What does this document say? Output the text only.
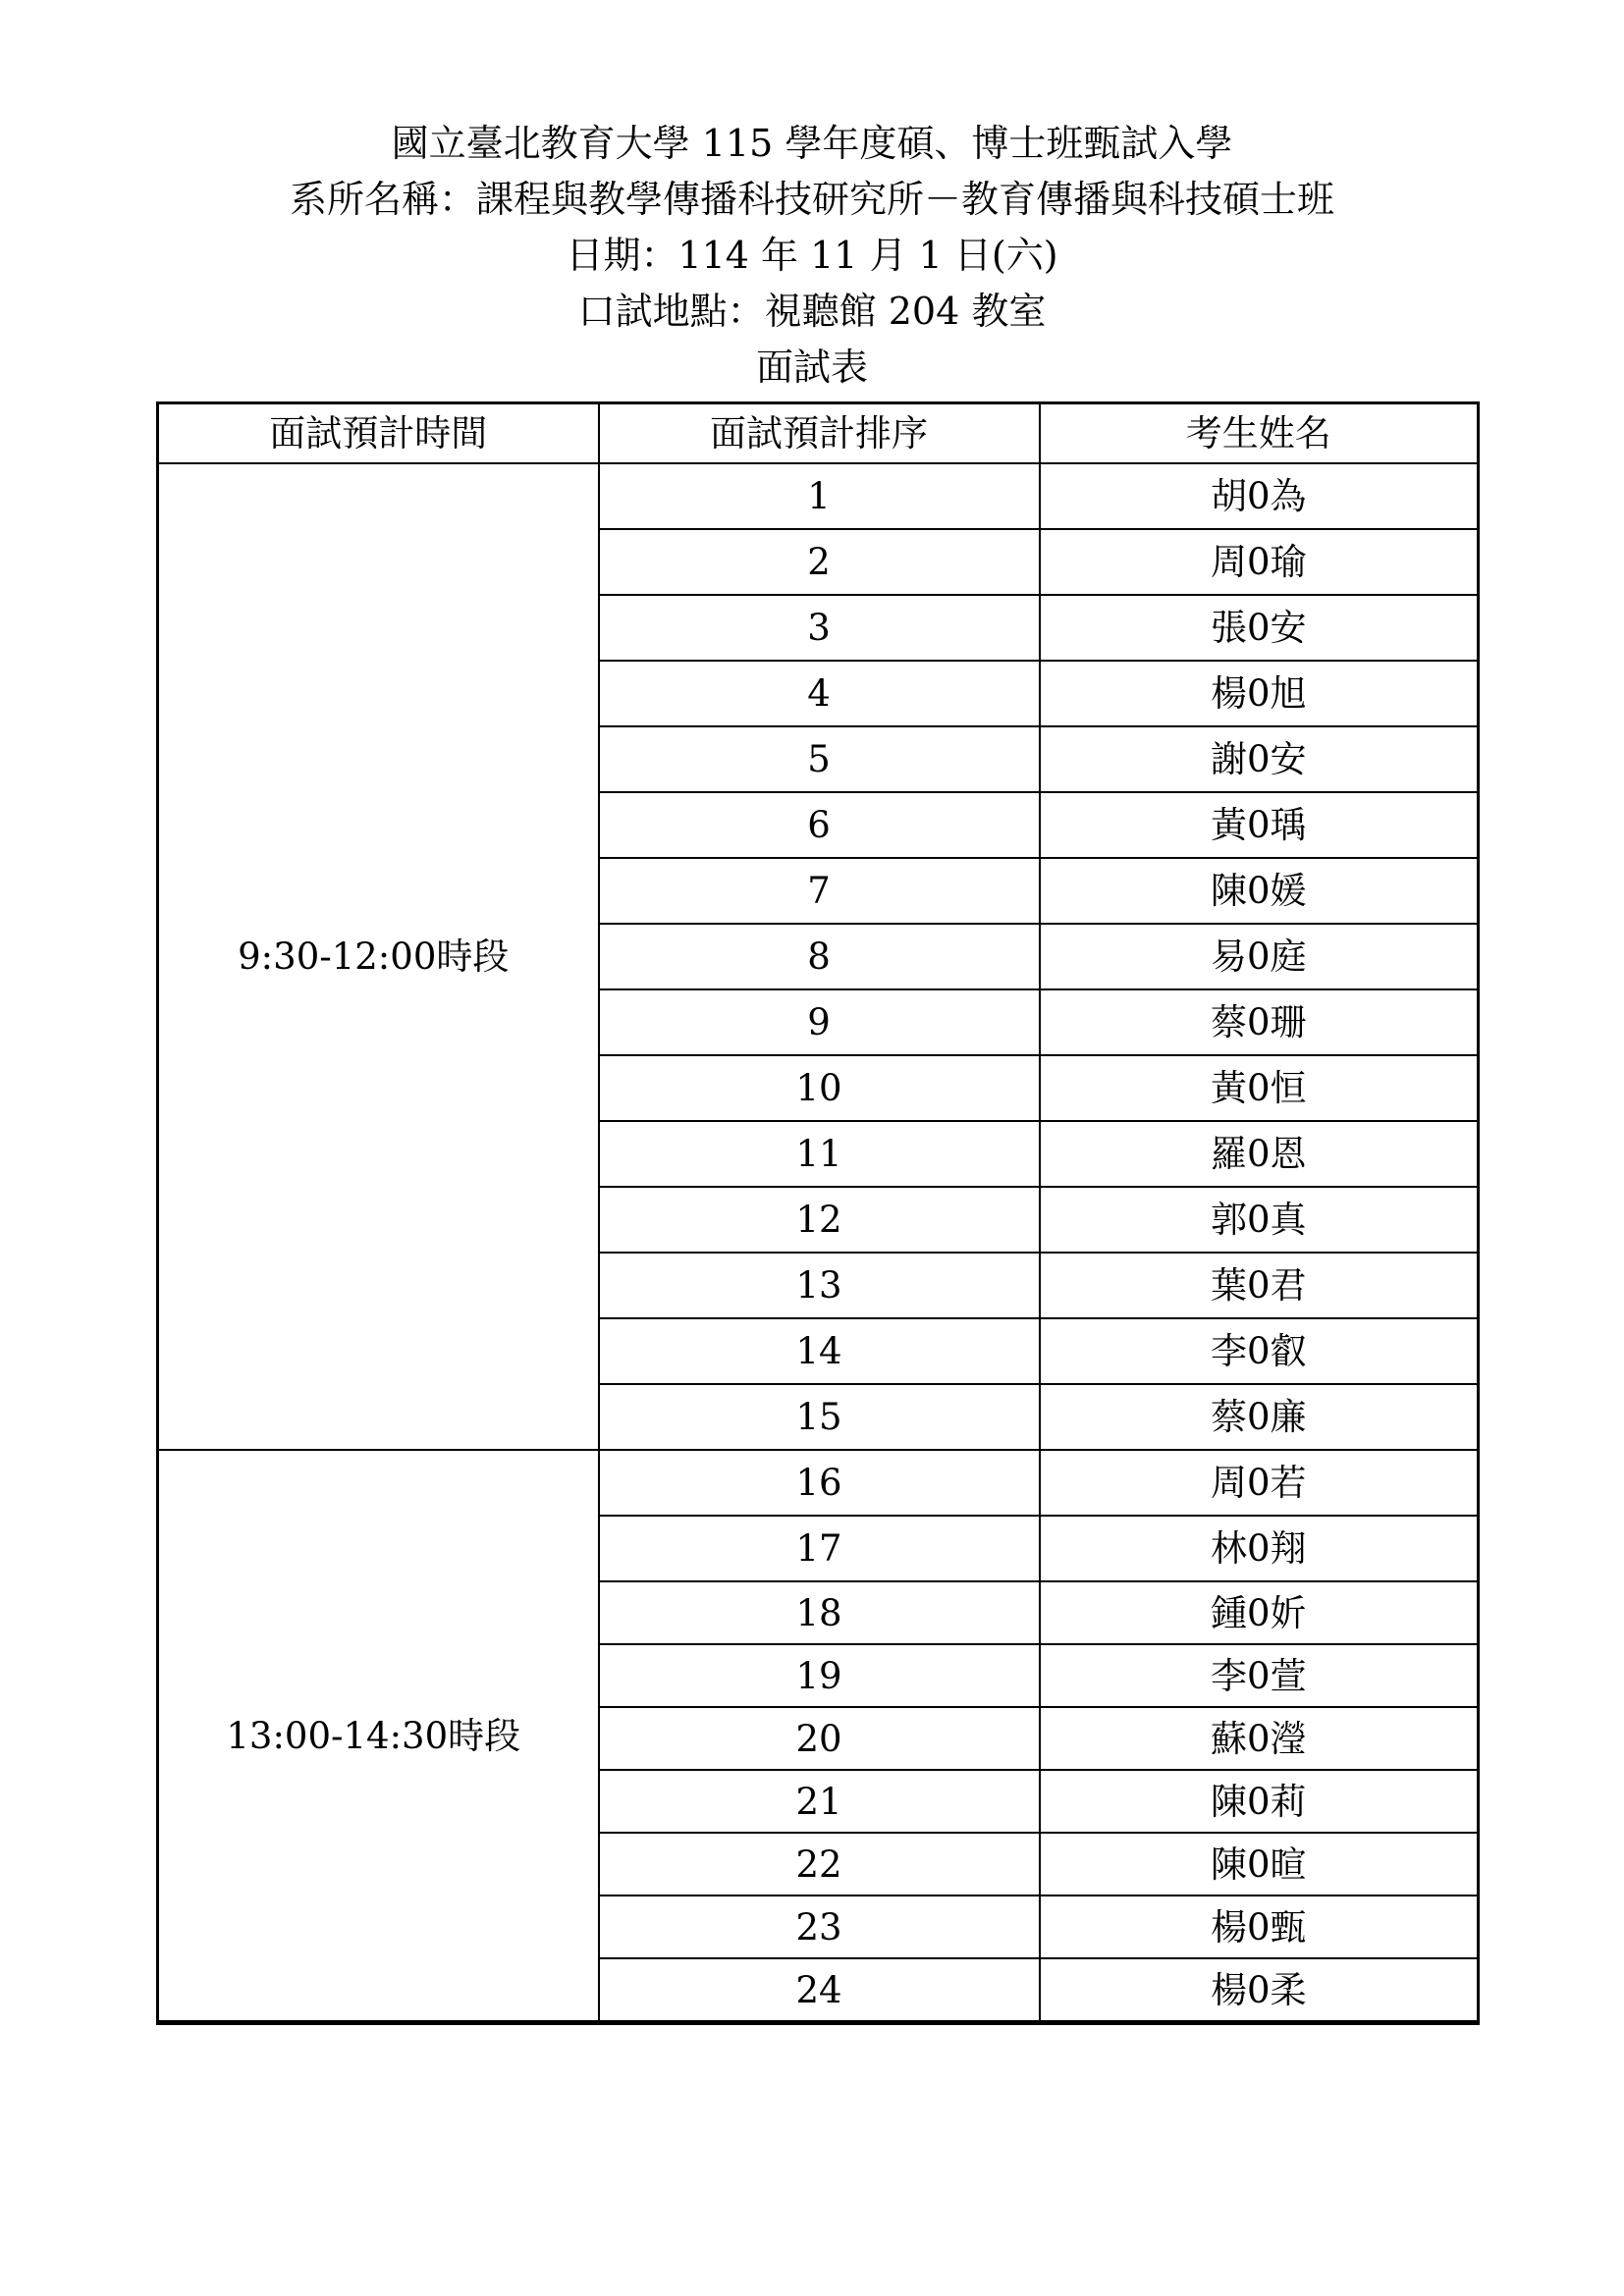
國立臺北教育大學 115 學年度碩、博士班甄試入學
系所名稱：課程與教學傳播科技研究所－教育傳播與科技碩士班
日期：114 年 11 月 1 日(六)
口試地點：視聽館 204 教室
面試表
面試預計時間	面試預計排序	考生姓名
9:30-12:00時段	1	胡0為
	2	周0瑜
	3	張0安
	4	楊0旭
	5	謝0安
	6	黃0瑀
	7	陳0媛
	8	易0庭
	9	蔡0珊
	10	黃0恒
	11	羅0恩
	12	郭0真
	13	葉0君
	14	李0叡
	15	蔡0廉
13:00-14:30時段	16	周0若
	17	林0翔
	18	鍾0妡
	19	李0萱
	20	蘇0瀅
	21	陳0莉
	22	陳0暄
	23	楊0甄
	24	楊0柔
